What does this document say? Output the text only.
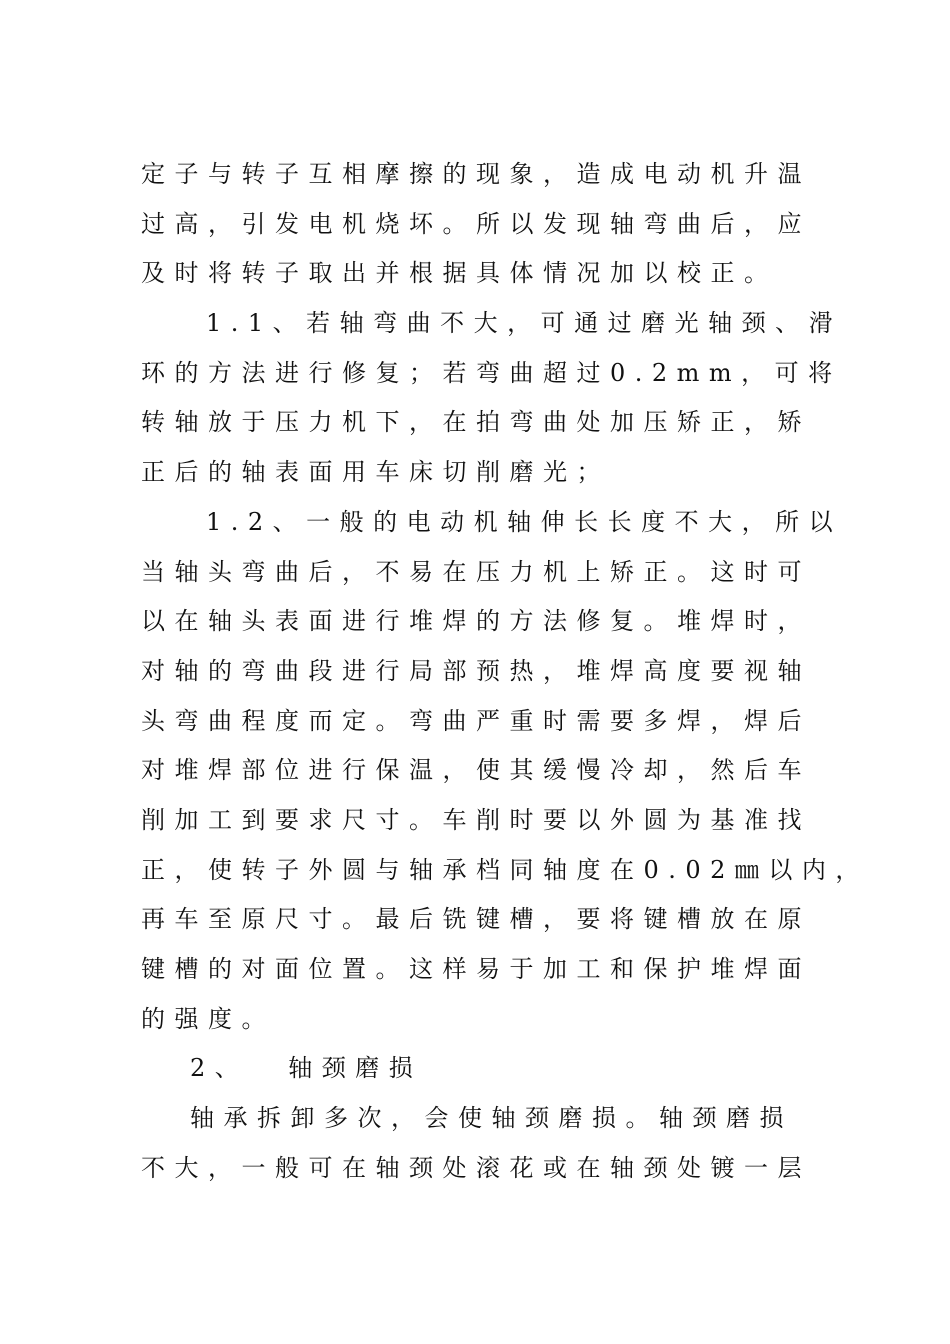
定子与转子互相摩擦的现象，造成电动机升温
过高，引发电机烧坏。所以发现轴弯曲后，应
及时将转子取出并根据具体情况加以校正。
1.1、若轴弯曲不大，可通过磨光轴颈、滑
环的方法进行修复；若弯曲超过0.2mm，可将
转轴放于压力机下，在拍弯曲处加压矫正，矫
正后的轴表面用车床切削磨光；
1.2、一般的电动机轴伸长长度不大，所以
当轴头弯曲后，不易在压力机上矫正。这时可
以在轴头表面进行堆焊的方法修复。堆焊时，
对轴的弯曲段进行局部预热，堆焊高度要视轴
头弯曲程度而定。弯曲严重时需要多焊，焊后
对堆焊部位进行保温，使其缓慢冷却，然后车
削加工到要求尺寸。车削时要以外圆为基准找
正，使转子外圆与轴承档同轴度在0.02㎜以内，
再车至原尺寸。最后铣键槽，要将键槽放在原
键槽的对面位置。这样易于加工和保护堆焊面
的强度。
2、 轴颈磨损
轴承拆卸多次，会使轴颈磨损。轴颈磨损
不大，一般可在轴颈处滚花或在轴颈处镀一层
